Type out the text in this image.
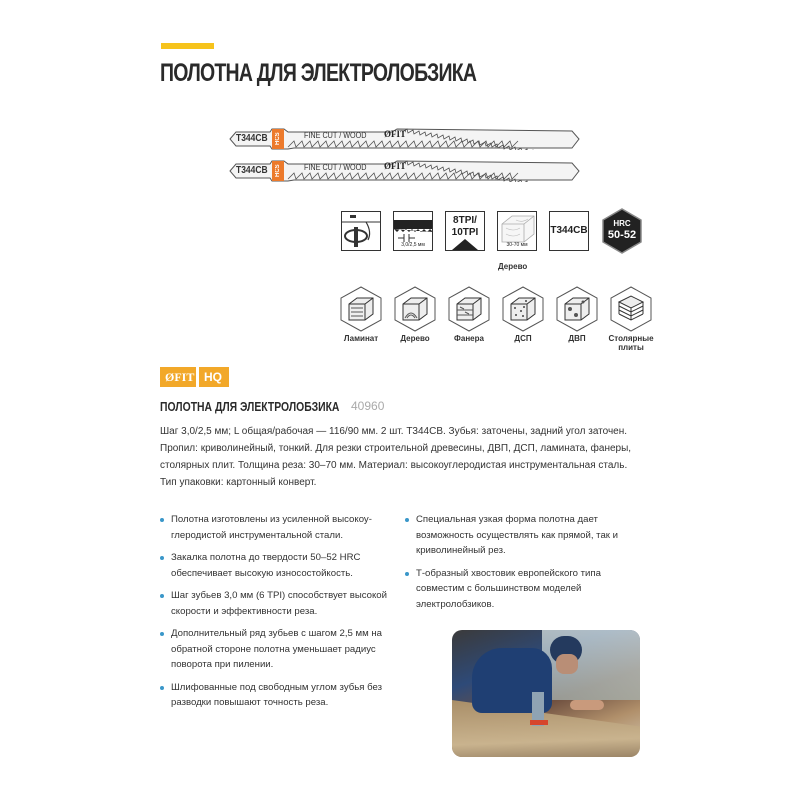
ПОЛОТНА ДЛЯ ЭЛЕКТРОЛОБЗИКА
T344CB HCS	FINE CUT / WOOD ØFIT
T344CB HCS	FINE CUT / WOOD ØFIT
3,0/2,5 мм
8TPI/
10TPI
30-70 мм
T344CB
HRC
50-52
Дерево
Ламинат	Дерево	Фанера	ДСП	ДВП	Столярные плиты
ØFIT HQ
ПОЛОТНА ДЛЯ ЭЛЕКТРОЛОБЗИКА 40960
Шаг 3,0/2,5 мм; L общая/рабочая — 116/90 мм. 2 шт. T344CB. Зубья: заточены, задний угол заточен. Пропил: криволинейный, тонкий. Для резки строительной древесины, ДВП, ДСП, ламината, фанеры, столярных плит. Толщина реза: 30–70 мм. Материал: высокоуглеродистая инструментальная сталь. Тип упаковки: картонный конверт.
Полотна изготовлены из усиленной высокоуглеродистой инструментальной стали.
Закалка полотна до твердости 50–52 HRC обеспечивает высокую износостойкость.
Шаг зубьев 3,0 мм (6 TPI) способствует высокой скорости и эффективности реза.
Дополнительный ряд зубьев с шагом 2,5 мм на обратной стороне полотна уменьшает радиус поворота при пилении.
Шлифованные под свободным углом зубья без разводки повышают точность реза.
Специальная узкая форма полотна дает возможность осуществлять как прямой, так и криволинейный рез.
Т-образный хвостовик европейского типа совместим с большинством моделей электролобзиков.
